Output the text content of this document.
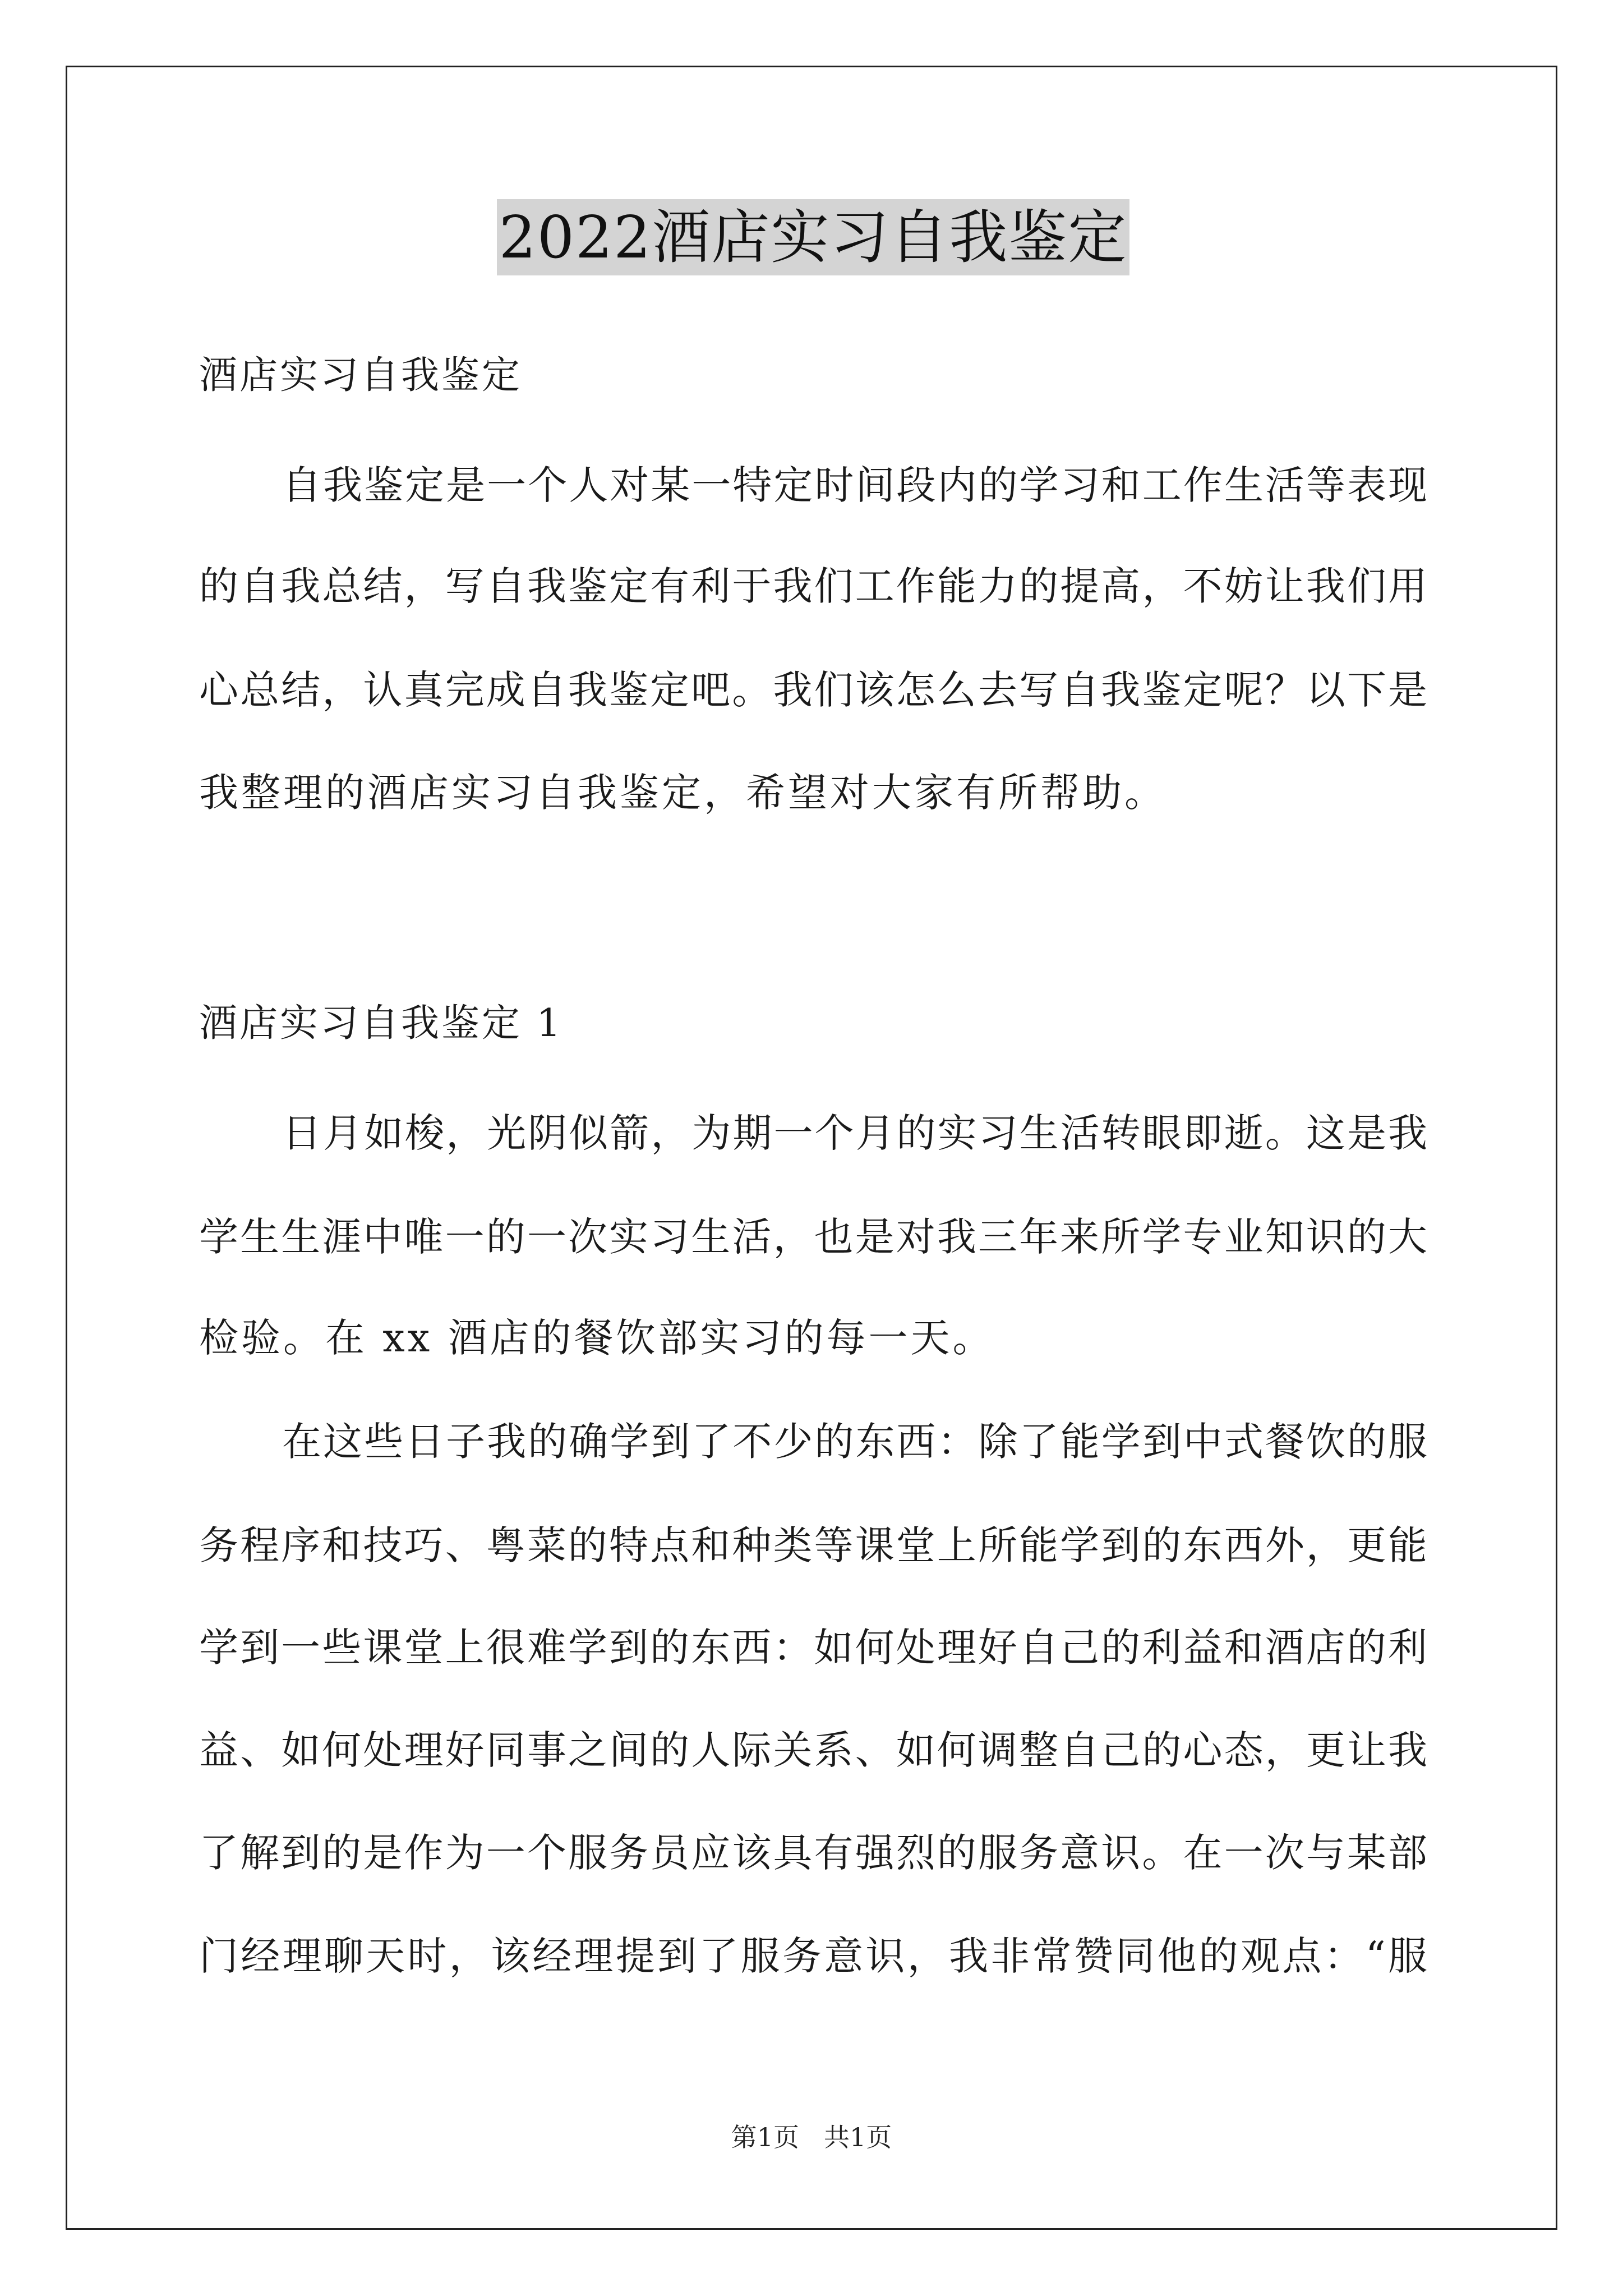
2022酒店实习自我鉴定
酒店实习自我鉴定
自我鉴定是一个人对某一特定时间段内的学习和工作生活等表现
的自我总结，写自我鉴定有利于我们工作能力的提高，不妨让我们用
心总结，认真完成自我鉴定吧。我们该怎么去写自我鉴定呢？以下是
我整理的酒店实习自我鉴定，希望对大家有所帮助。
酒店实习自我鉴定 1
日月如梭，光阴似箭，为期一个月的实习生活转眼即逝。这是我
学生生涯中唯一的一次实习生活，也是对我三年来所学专业知识的大
检验。在 xx 酒店的餐饮部实习的每一天。
在这些日子我的确学到了不少的东西：除了能学到中式餐饮的服
务程序和技巧、粤菜的特点和种类等课堂上所能学到的东西外，更能
学到一些课堂上很难学到的东西：如何处理好自己的利益和酒店的利
益、如何处理好同事之间的人际关系、如何调整自己的心态，更让我
了解到的是作为一个服务员应该具有强烈的服务意识。在一次与某部
门经理聊天时，该经理提到了服务意识，我非常赞同他的观点：“服
第1页 共1页
